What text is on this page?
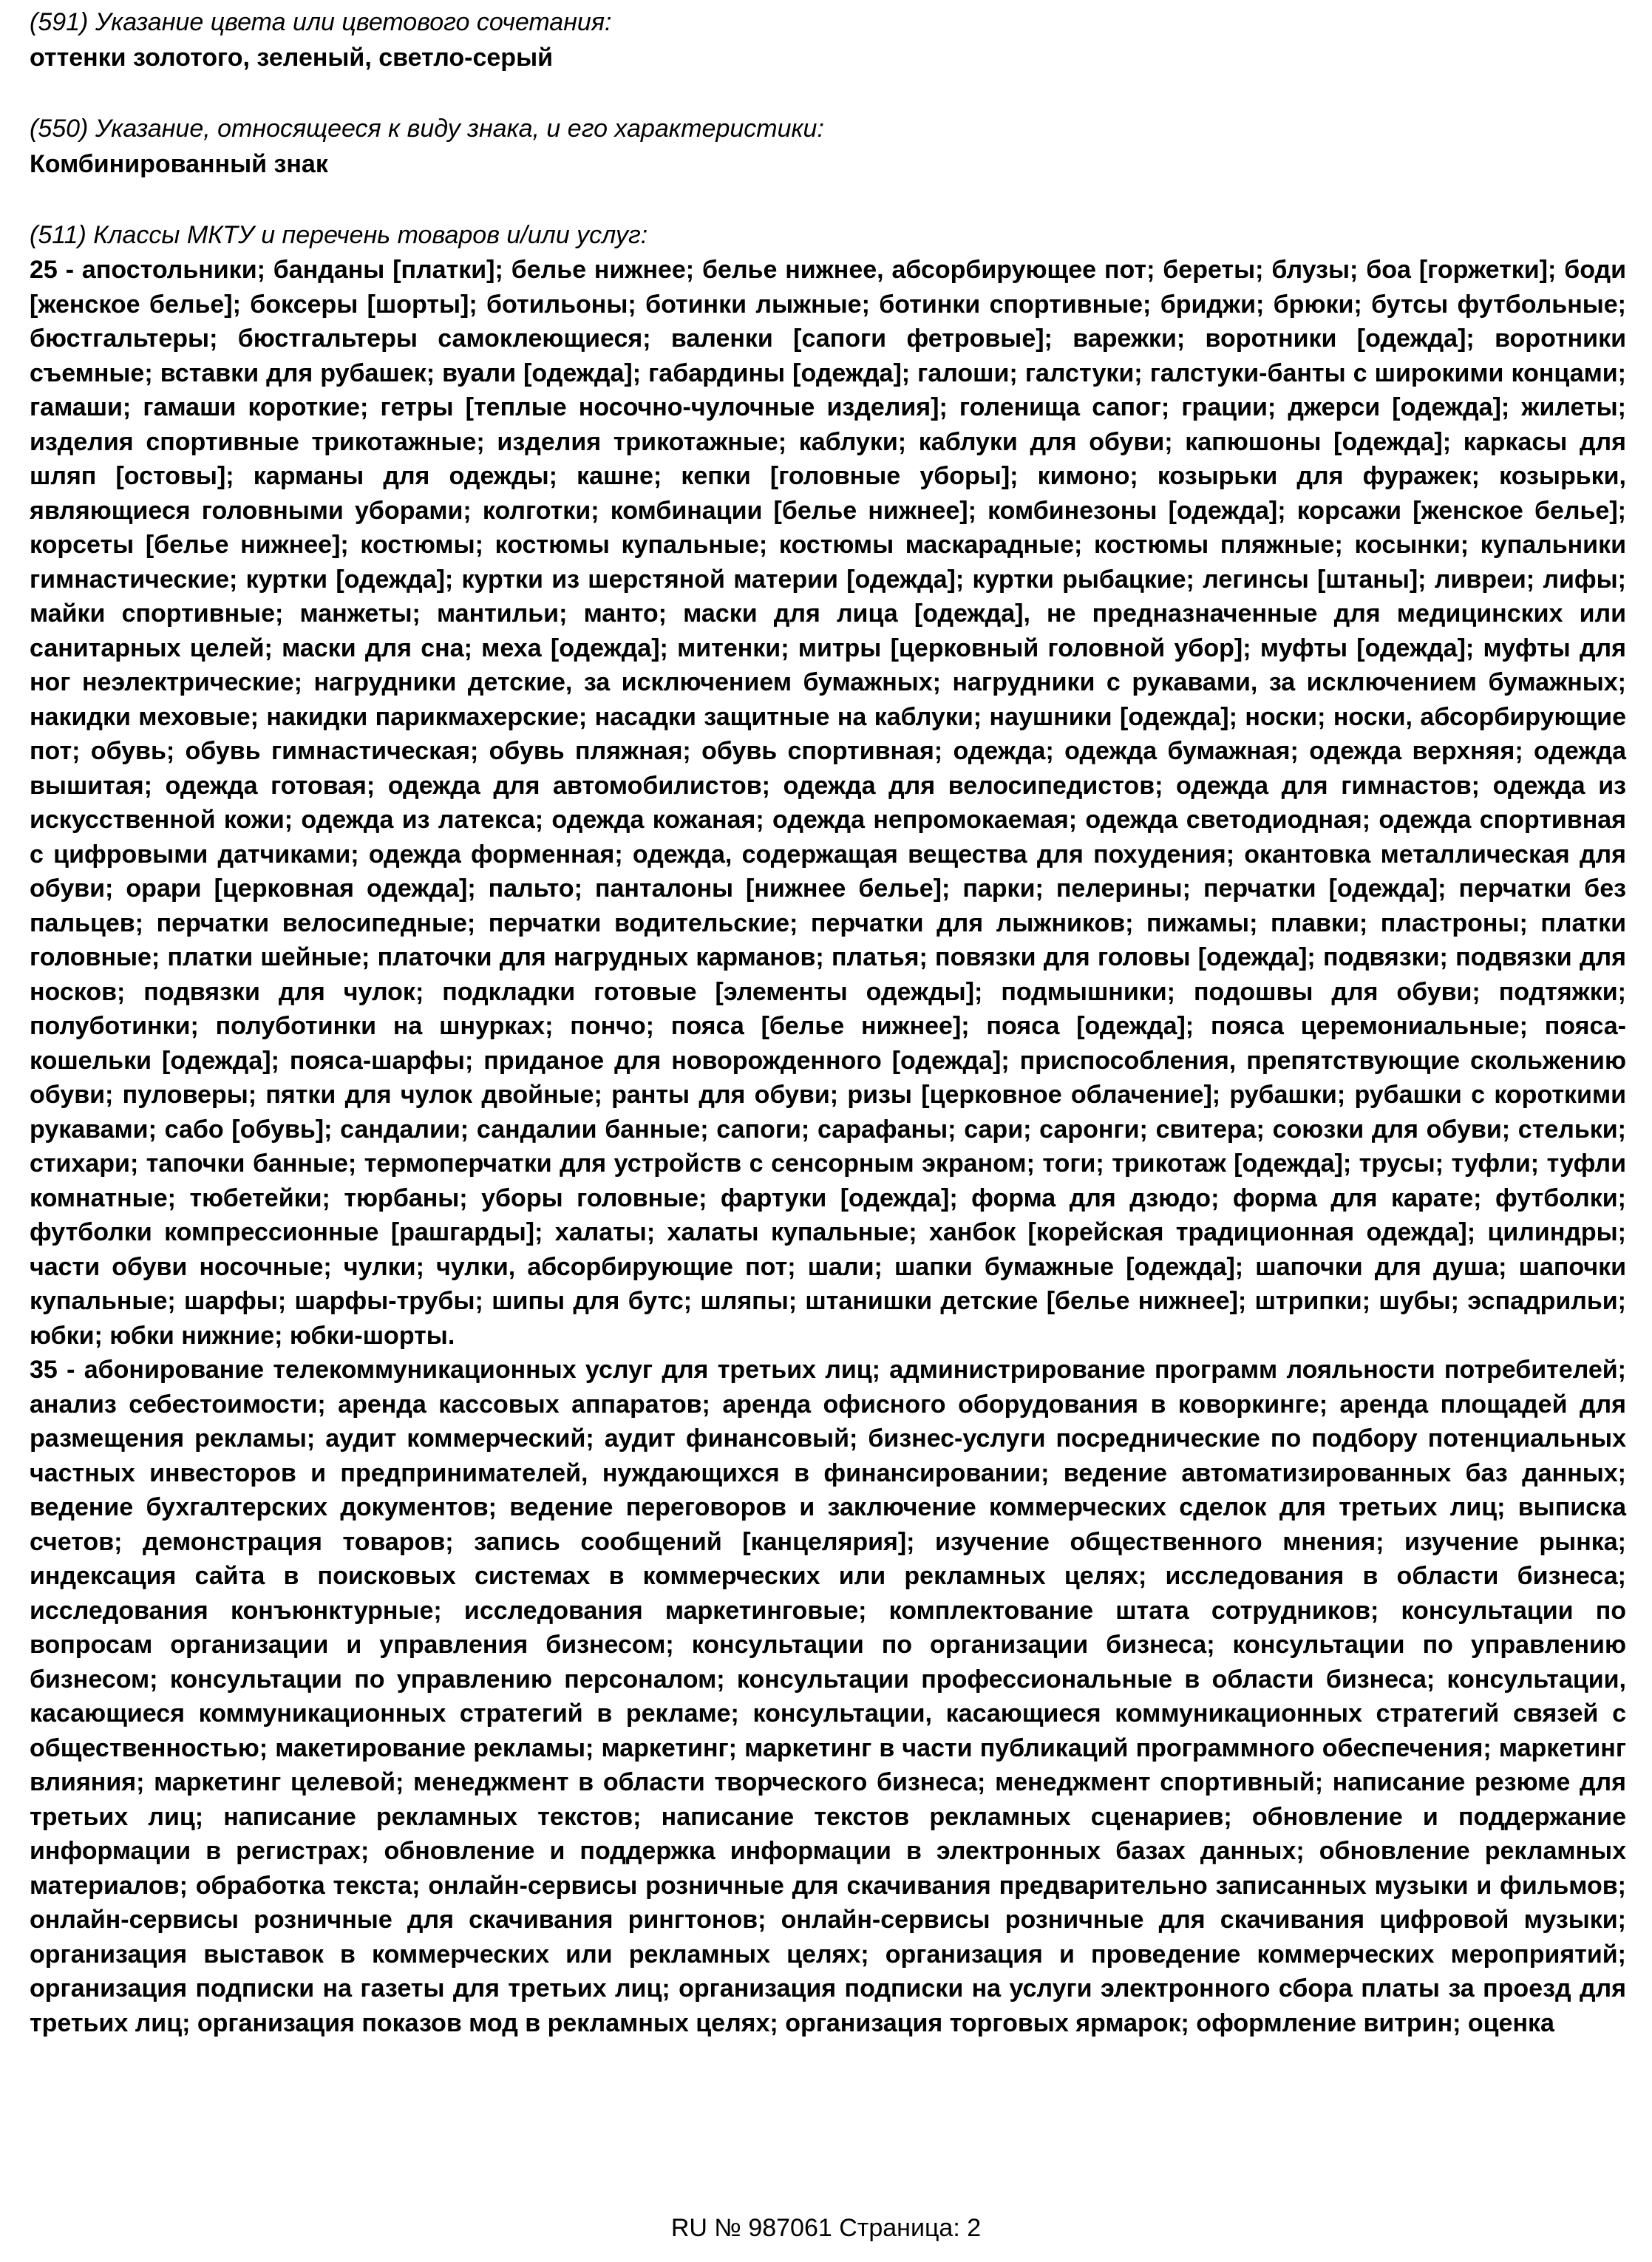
(591) Указание цвета или цветового сочетания:

оттенки золотого, зеленый, светло-серый

(550) Указание, относящееся к виду знака, и его характеристики:

Комбинированный знак

(511) Классы МКТУ и перечень товаров и/или услуг:

25 - апостольники; банданы [платки]; белье нижнее; белье нижнее, абсорбирующее пот; береты; блузы; боа [горжетки]; боди [женское белье]; боксеры [шорты]; ботильоны; ботинки лыжные; ботинки спортивные; бриджи; брюки; бутсы футбольные; бюстгальтеры; бюстгальтеры самоклеющиеся; валенки [сапоги фетровые]; варежки; воротники [одежда]; воротники съемные; вставки для рубашек; вуали [одежда]; габардины [одежда]; галоши; галстуки; галстуки-банты с широкими концами; гамаши; гамаши короткие; гетры [теплые носочно-чулочные изделия]; голенища сапог; грации; джерси [одежда]; жилеты; изделия спортивные трикотажные; изделия трикотажные; каблуки; каблуки для обуви; капюшоны [одежда]; каркасы для шляп [остовы]; карманы для одежды; кашне; кепки [головные уборы]; кимоно; козырьки для фуражек; козырьки, являющиеся головными уборами; колготки; комбинации [белье нижнее]; комбинезоны [одежда]; корсажи [женское белье]; корсеты [белье нижнее]; костюмы; костюмы купальные; костюмы маскарадные; костюмы пляжные; косынки; купальники гимнастические; куртки [одежда]; куртки из шерстяной материи [одежда]; куртки рыбацкие; легинсы [штаны]; ливреи; лифы; майки спортивные; манжеты; мантильи; манто; маски для лица [одежда], не предназначенные для медицинских или санитарных целей; маски для сна; меха [одежда]; митенки; митры [церковный головной убор]; муфты [одежда]; муфты для ног неэлектрические; нагрудники детские, за исключением бумажных; нагрудники с рукавами, за исключением бумажных; накидки меховые; накидки парикмахерские; насадки защитные на каблуки; наушники [одежда]; носки; носки, абсорбирующие пот; обувь; обувь гимнастическая; обувь пляжная; обувь спортивная; одежда; одежда бумажная; одежда верхняя; одежда вышитая; одежда готовая; одежда для автомобилистов; одежда для велосипедистов; одежда для гимнастов; одежда из искусственной кожи; одежда из латекса; одежда кожаная; одежда непромокаемая; одежда светодиодная; одежда спортивная с цифровыми датчиками; одежда форменная; одежда, содержащая вещества для похудения; окантовка металлическая для обуви; орари [церковная одежда]; пальто; панталоны [нижнее белье]; парки; пелерины; перчатки [одежда]; перчатки без пальцев; перчатки велосипедные; перчатки водительские; перчатки для лыжников; пижамы; плавки; пластроны; платки головные; платки шейные; платочки для нагрудных карманов; платья; повязки для головы [одежда]; подвязки; подвязки для носков; подвязки для чулок; подкладки готовые [элементы одежды]; подмышники; подошвы для обуви; подтяжки; полуботинки; полуботинки на шнурках; пончо; пояса [белье нижнее]; пояса [одежда]; пояса церемониальные; пояса-кошельки [одежда]; пояса-шарфы; приданое для новорожденного [одежда]; приспособления, препятствующие скольжению обуви; пуловеры; пятки для чулок двойные; ранты для обуви; ризы [церковное облачение]; рубашки; рубашки с короткими рукавами; сабо [обувь]; сандалии; сандалии банные; сапоги; сарафаны; сари; саронги; свитера; союзки для обуви; стельки; стихари; тапочки банные; термоперчатки для устройств с сенсорным экраном; тоги; трикотаж [одежда]; трусы; туфли; туфли комнатные; тюбетейки; тюрбаны; уборы головные; фартуки [одежда]; форма для дзюдо; форма для карате; футболки; футболки компрессионные [рашгарды]; халаты; халаты купальные; ханбок [корейская традиционная одежда]; цилиндры; части обуви носочные; чулки; чулки, абсорбирующие пот; шали; шапки бумажные [одежда]; шапочки для душа; шапочки купальные; шарфы; шарфы-трубы; шипы для бутс; шляпы; штанишки детские [белье нижнее]; штрипки; шубы; эспадрильи; юбки; юбки нижние; юбки-шорты.

35 - абонирование телекоммуникационных услуг для третьих лиц; администрирование программ лояльности потребителей; анализ себестоимости; аренда кассовых аппаратов; аренда офисного оборудования в коворкинге; аренда площадей для размещения рекламы; аудит коммерческий; аудит финансовый; бизнес-услуги посреднические по подбору потенциальных частных инвесторов и предпринимателей, нуждающихся в финансировании; ведение автоматизированных баз данных; ведение бухгалтерских документов; ведение переговоров и заключение коммерческих сделок для третьих лиц; выписка счетов; демонстрация товаров; запись сообщений [канцелярия]; изучение общественного мнения; изучение рынка; индексация сайта в поисковых системах в коммерческих или рекламных целях; исследования в области бизнеса; исследования конъюнктурные; исследования маркетинговые; комплектование штата сотрудников; консультации по вопросам организации и управления бизнесом; консультации по организации бизнеса; консультации по управлению бизнесом; консультации по управлению персоналом; консультации профессиональные в области бизнеса; консультации, касающиеся коммуникационных стратегий в рекламе; консультации, касающиеся коммуникационных стратегий связей с общественностью; макетирование рекламы; маркетинг; маркетинг в части публикаций программного обеспечения; маркетинг влияния; маркетинг целевой; менеджмент в области творческого бизнеса; менеджмент спортивный; написание резюме для третьих лиц; написание рекламных текстов; написание текстов рекламных сценариев; обновление и поддержание информации в регистрах; обновление и поддержка информации в электронных базах данных; обновление рекламных материалов; обработка текста; онлайн-сервисы розничные для скачивания предварительно записанных музыки и фильмов; онлайн-сервисы розничные для скачивания рингтонов; онлайн-сервисы розничные для скачивания цифровой музыки; организация выставок в коммерческих или рекламных целях; организация и проведение коммерческих мероприятий; организация подписки на газеты для третьих лиц; организация подписки на услуги электронного сбора платы за проезд для третьих лиц; организация показов мод в рекламных целях; организация торговых ярмарок; оформление витрин; оценка

RU № 987061 Страница: 2
